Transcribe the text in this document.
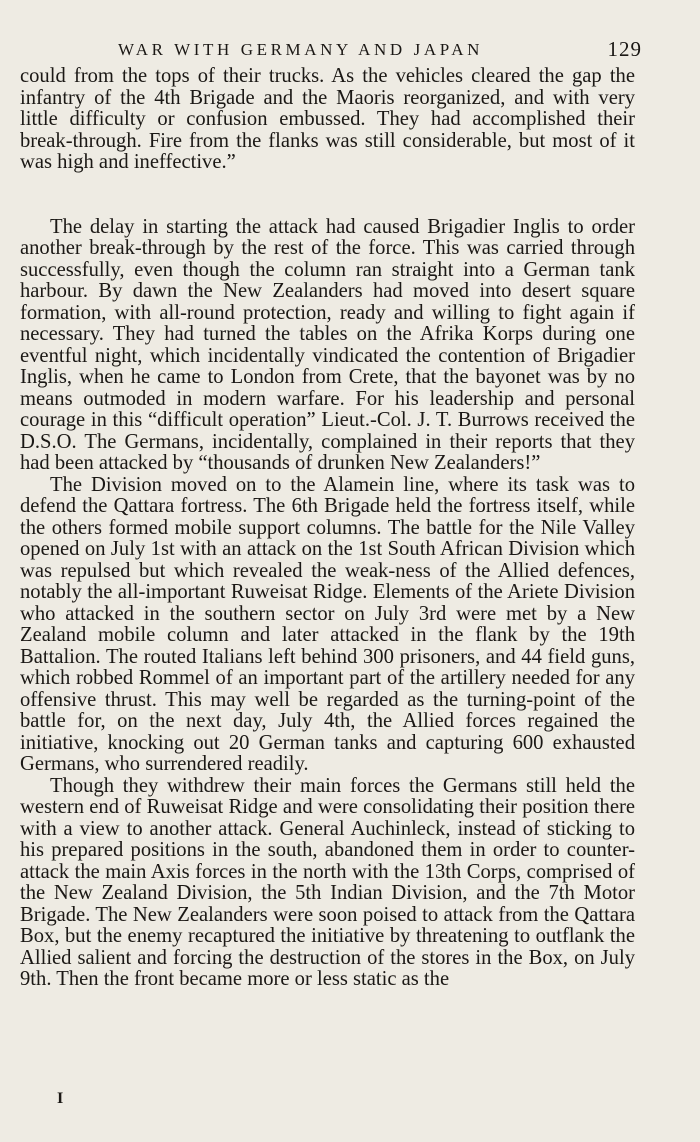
WAR WITH GERMANY AND JAPAN	129

could from the tops of their trucks. As the vehicles cleared the gap the infantry of the 4th Brigade and the Maoris reorganized, and with very little difficulty or confusion embussed. They had accomplished their break-through. Fire from the flanks was still considerable, but most of it was high and ineffective.”

The delay in starting the attack had caused Brigadier Inglis to order another break-through by the rest of the force. This was carried through successfully, even though the column ran straight into a German tank harbour. By dawn the New Zealanders had moved into desert square formation, with all-round protection, ready and willing to fight again if necessary. They had turned the tables on the Afrika Korps during one eventful night, which incidentally vindicated the contention of Brigadier Inglis, when he came to London from Crete, that the bayonet was by no means outmoded in modern warfare. For his leadership and personal courage in this “difficult operation” Lieut.-Col. J. T. Burrows received the D.S.O. The Germans, incidentally, complained in their reports that they had been attacked by “thousands of drunken New Zealanders!”

The Division moved on to the Alamein line, where its task was to defend the Qattara fortress. The 6th Brigade held the fortress itself, while the others formed mobile support columns. The battle for the Nile Valley opened on July 1st with an attack on the 1st South African Division which was repulsed but which revealed the weak-ness of the Allied defences, notably the all-important Ruweisat Ridge. Elements of the Ariete Division who attacked in the southern sector on July 3rd were met by a New Zealand mobile column and later attacked in the flank by the 19th Battalion. The routed Italians left behind 300 prisoners, and 44 field guns, which robbed Rommel of an important part of the artillery needed for any offensive thrust. This may well be regarded as the turning-point of the battle for, on the next day, July 4th, the Allied forces regained the initiative, knocking out 20 German tanks and capturing 600 exhausted Germans, who surrendered readily.

Though they withdrew their main forces the Germans still held the western end of Ruweisat Ridge and were consolidating their position there with a view to another attack. General Auchinleck, instead of sticking to his prepared positions in the south, abandoned them in order to counter-attack the main Axis forces in the north with the 13th Corps, comprised of the New Zealand Division, the 5th Indian Division, and the 7th Motor Brigade. The New Zealanders were soon poised to attack from the Qattara Box, but the enemy recaptured the initiative by threatening to outflank the Allied salient and forcing the destruction of the stores in the Box, on July 9th. Then the front became more or less static as the

I
